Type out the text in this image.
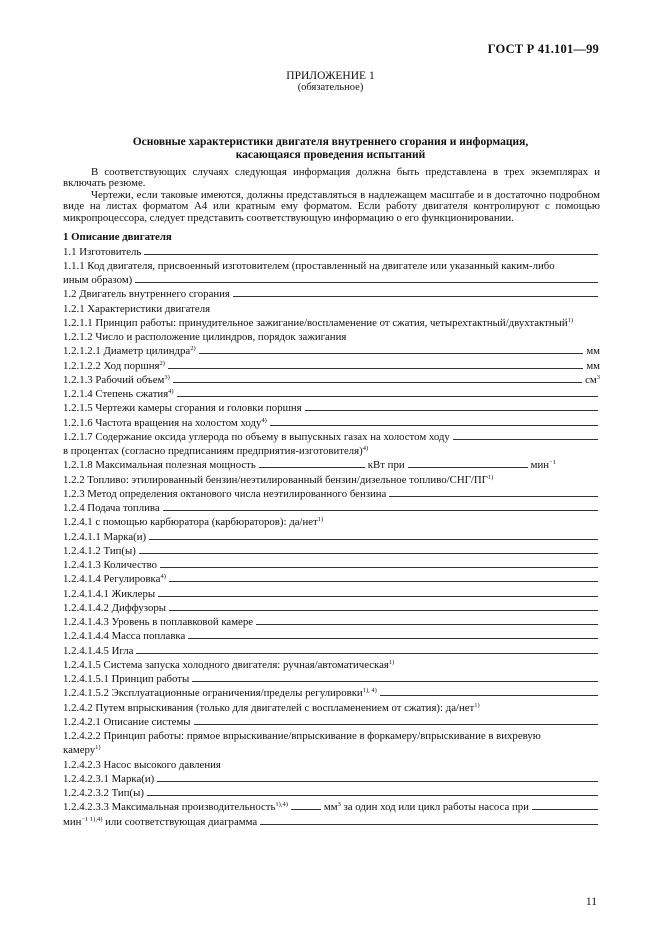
ГОСТ Р 41.101—99
ПРИЛОЖЕНИЕ 1
(обязательное)
Основные характеристики двигателя внутреннего сгорания и информация,
касающаяся проведения испытаний

В соответствующих случаях следующая информация должна быть представлена в трех экземплярах и включать резюме.

Чертежи, если таковые имеются, должны представляться в надлежащем масштабе и в достаточно подробном виде на листах форматом А4 или кратным ему форматом. Если работу двигателя контролируют с помощью микропроцессора, следует представить соответствующую информацию о его функционировании.

1 Описание двигателя
1.1 Изготовитель
1.1.1 Код двигателя, присвоенный изготовителем (проставленный на двигателе или указанный каким-либо
иным образом)
1.2 Двигатель внутреннего сгорания
1.2.1 Характеристики двигателя
1.2.1.1 Принцип работы: принудительное зажигание/воспламенение от сжатия, четырехтактный/двухтактный$^{1)}$
1.2.1.2 Число и расположение цилиндров, порядок зажигания
1.2.1.2.1 Диаметр цилиндра$^{2)}$	мм
1.2.1.2.2 Ход поршня$^{2)}$	мм
1.2.1.3 Рабочий объем$^{3)}$	$см^3$
1.2.1.4 Степень сжатия$^{4)}$
1.2.1.5 Чертежи камеры сгорания и головки поршня
1.2.1.6 Частота вращения на холостом ходу$^{4)}$
1.2.1.7 Содержание оксида углерода по объему в выпускных газах на холостом ходу
в процентах (согласно предписаниям предприятия-изготовителя)$^{4)}$
1.2.1.8 Максимальная полезная мощность	кВт при	мин$^{-1}$
1.2.2 Топливо: этилированный бензин/неэтилированный бензин/дизельное топливо/СНГ/ПГ$^{1)}$
1.2.3 Метод определения октанового числа неэтилированного бензина
1.2.4 Подача топлива
1.2.4.1 с помощью карбюратора (карбюраторов): да/нет$^{1)}$
1.2.4.1.1 Марка(и)
1.2.4.1.2 Тип(ы)
1.2.4.1.3 Количество
1.2.4.1.4 Регулировка$^{4)}$
1.2.4.1.4.1 Жиклеры
1.2.4.1.4.2 Диффузоры
1.2.4.1.4.3 Уровень в поплавковой камере
1.2.4.1.4.4 Масса поплавка
1.2.4.1.4.5 Игла
1.2.4.1.5 Система запуска холодного двигателя: ручная/автоматическая$^{1)}$
1.2.4.1.5.1 Принцип работы
1.2.4.1.5.2 Эксплуатационные ограничения/пределы регулировки$^{1), 4)}$
1.2.4.2 Путем впрыскивания (только для двигателей с воспламенением от сжатия): да/нет$^{1)}$
1.2.4.2.1 Описание системы
1.2.4.2.2 Принцип работы: прямое впрыскивание/впрыскивание в форкамеру/впрыскивание в вихревую
камеру$^{1)}$
1.2.4.2.3 Насос высокого давления
1.2.4.2.3.1 Марка(и)
1.2.4.2.3.2 Тип(ы)
1.2.4.2.3.3 Максимальная производительность$^{1),4)}$	$мм^3$ за один ход или цикл работы насоса при
мин$^{-1 1),4)}$ или соответствующая диаграмма
11
